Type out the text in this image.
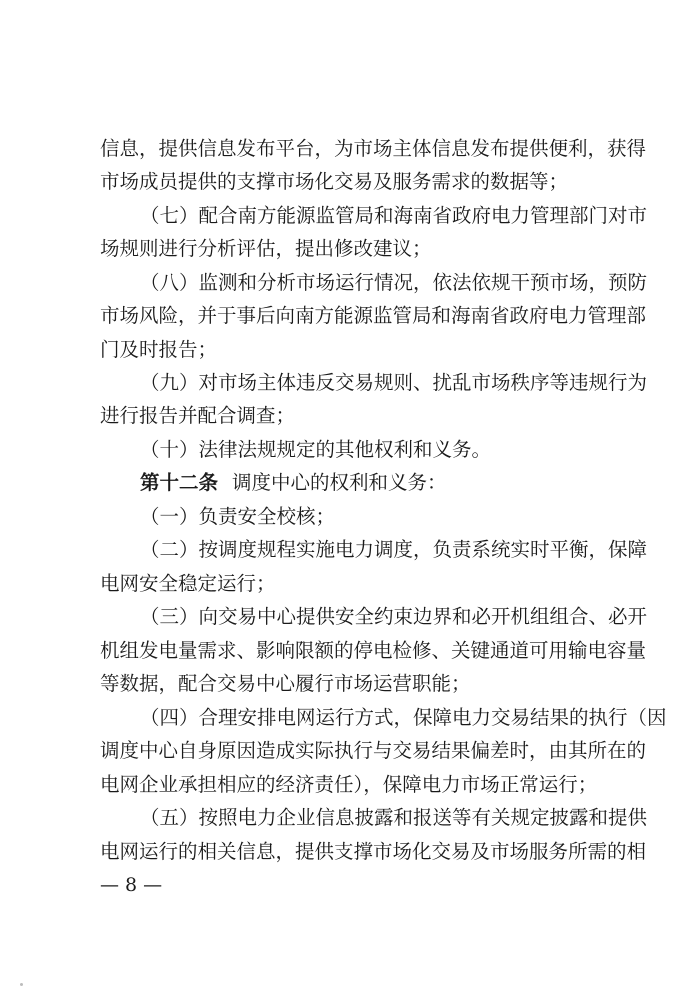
信息，提供信息发布平台，为市场主体信息发布提供便利，获得
市场成员提供的支撑市场化交易及服务需求的数据等；
（七）配合南方能源监管局和海南省政府电力管理部门对市
场规则进行分析评估，提出修改建议；
（八）监测和分析市场运行情况，依法依规干预市场，预防
市场风险，并于事后向南方能源监管局和海南省政府电力管理部
门及时报告；
（九）对市场主体违反交易规则、扰乱市场秩序等违规行为
进行报告并配合调查；
（十）法律法规规定的其他权利和义务。
第十二条 调度中心的权利和义务：
（一）负责安全校核；
（二）按调度规程实施电力调度，负责系统实时平衡，保障
电网安全稳定运行；
（三）向交易中心提供安全约束边界和必开机组组合、必开
机组发电量需求、影响限额的停电检修、关键通道可用输电容量
等数据，配合交易中心履行市场运营职能；
（四）合理安排电网运行方式，保障电力交易结果的执行（因
调度中心自身原因造成实际执行与交易结果偏差时，由其所在的
电网企业承担相应的经济责任），保障电力市场正常运行；
（五）按照电力企业信息披露和报送等有关规定披露和提供
电网运行的相关信息，提供支撑市场化交易及市场服务所需的相
— 8 —
